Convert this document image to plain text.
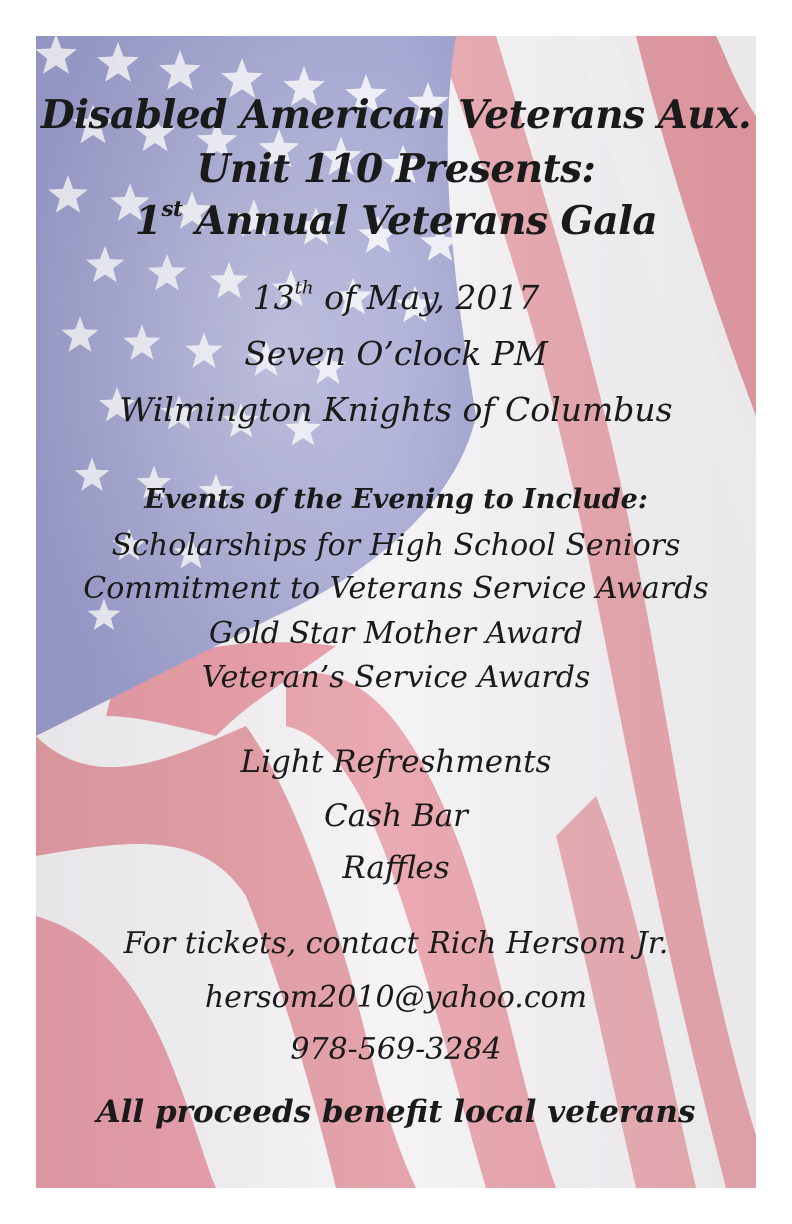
Disabled American Veterans Aux.
Unit 110 Presents:
1st Annual Veterans Gala
13th of May, 2017
Seven O’clock PM
Wilmington Knights of Columbus
Events of the Evening to Include:
Scholarships for High School Seniors
Commitment to Veterans Service Awards
Gold Star Mother Award
Veteran’s Service Awards
Light Refreshments
Cash Bar
Raffles
For tickets, contact Rich Hersom Jr.
hersom2010@yahoo.com
978-569-3284
All proceeds benefit local veterans
